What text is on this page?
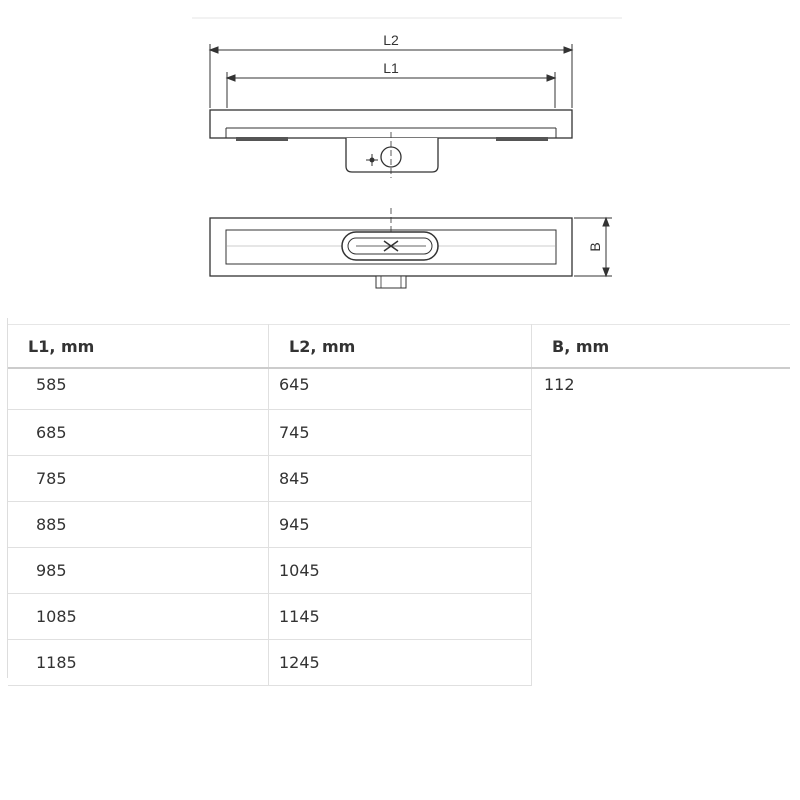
L2
L1
B
L1, mm	L2, mm	B, mm
585	645	112
685	745	
785	845	
885	945	
985	1045	
1085	1145	
1185	1245	
